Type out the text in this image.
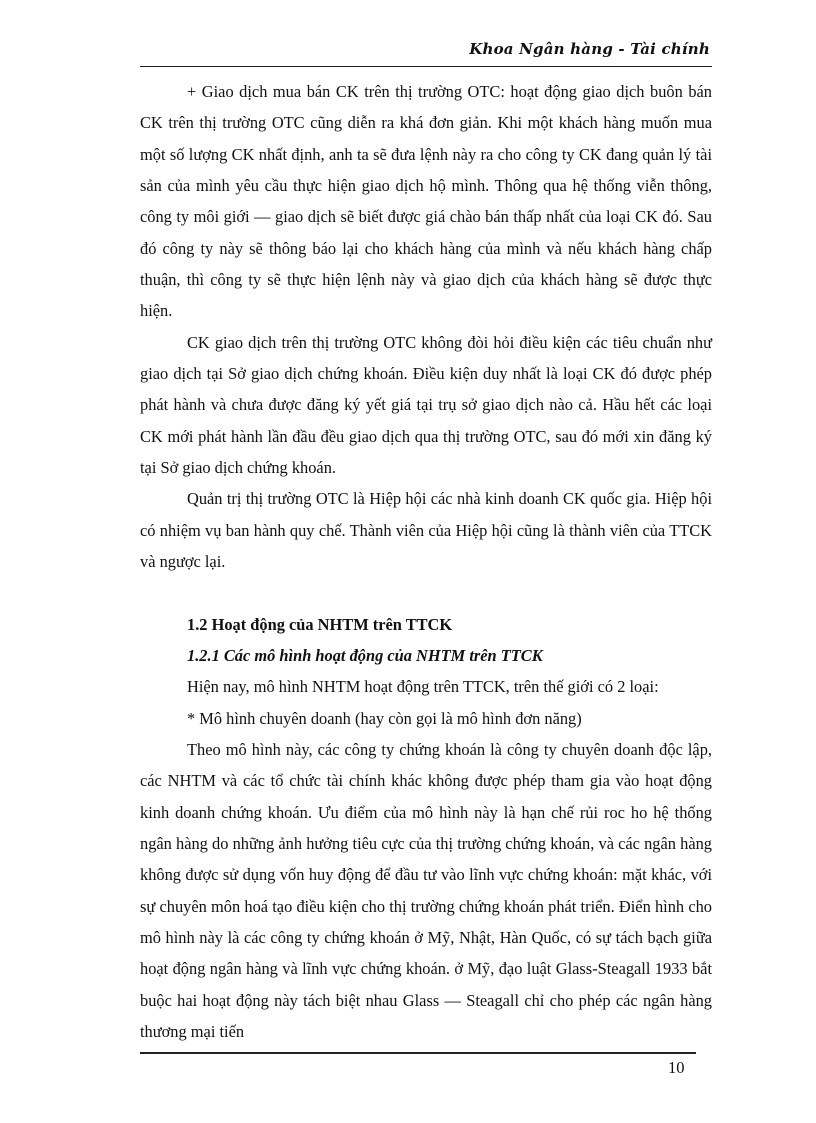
Khoa Ngân hàng - Tài chính

+ Giao dịch mua bán CK trên thị trường OTC: hoạt động giao dịch buôn bán CK trên thị trường OTC cũng diễn ra khá đơn giản. Khi một khách hàng muốn mua một số lượng CK nhất định, anh ta sẽ đưa lệnh này ra cho công ty CK đang quản lý tài sản của mình yêu cầu thực hiện giao dịch hộ mình. Thông qua hệ thống viễn thông, công ty môi giới — giao dịch sẽ biết được giá chào bán thấp nhất của loại CK đó. Sau đó công ty này sẽ thông báo lại cho khách hàng của mình và nếu khách hàng chấp thuận, thì công ty sẽ thực hiện lệnh này và giao dịch của khách hàng sẽ được thực hiện.

CK giao dịch trên thị trường OTC không đòi hỏi điều kiện các tiêu chuẩn như giao dịch tại Sở giao dịch chứng khoán. Điều kiện duy nhất là loại CK đó được phép phát hành và chưa được đăng ký yết giá tại trụ sở giao dịch nào cả. Hầu hết các loại CK mới phát hành lần đầu đều giao dịch qua thị trường OTC, sau đó mới xin đăng ký tại Sở giao dịch chứng khoán.

Quản trị thị trường OTC là Hiệp hội các nhà kinh doanh CK quốc gia. Hiệp hội có nhiệm vụ ban hành quy chế. Thành viên của Hiệp hội cũng là thành viên của TTCK và ngược lại.

1.2 Hoạt động của NHTM trên TTCK

1.2.1 Các mô hình hoạt động của NHTM trên TTCK

Hiện nay, mô hình NHTM hoạt động trên TTCK, trên thế giới có 2 loại:

* Mô hình chuyên doanh (hay còn gọi là mô hình đơn năng)

Theo mô hình này, các công ty chứng khoán là công ty chuyên doanh độc lập, các NHTM và các tổ chức tài chính khác không được phép tham gia vào hoạt động kinh doanh chứng khoán. Ưu điểm của mô hình này là hạn chế rủi roc ho hệ thống ngân hàng do những ảnh hưởng tiêu cực của thị trường chứng khoán, và các ngân hàng không được sử dụng vốn huy động để đầu tư vào lĩnh vực chứng khoán: mặt khác, với sự chuyên môn hoá tạo điều kiện cho thị trường chứng khoán phát triển. Điển hình cho mô hình này là các công ty chứng khoán ở Mỹ, Nhật, Hàn Quốc, có sự tách bạch giữa hoạt động ngân hàng và lĩnh vực chứng khoán. ở Mỹ, đạo luật Glass-Steagall 1933 bắt buộc hai hoạt động này tách biệt nhau Glass — Steagall chỉ cho phép các ngân hàng thương mại tiến

10
